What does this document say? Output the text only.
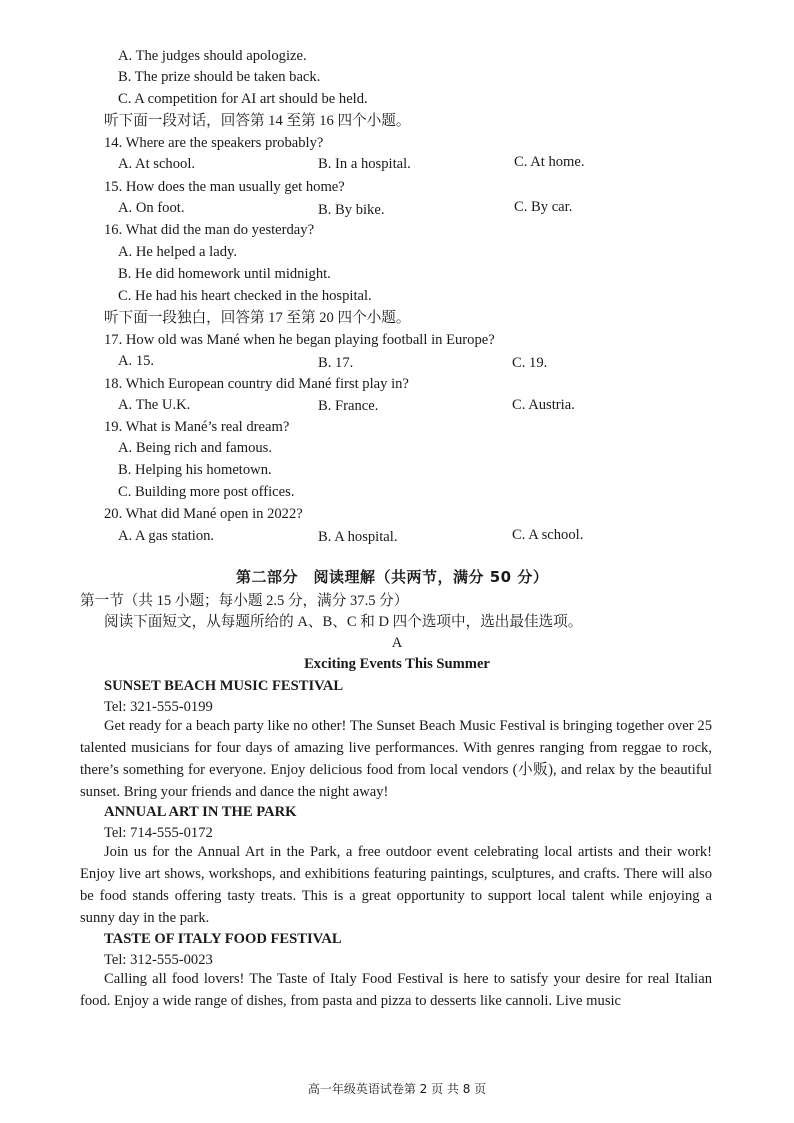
A. The judges should apologize.
B. The prize should be taken back.
C. A competition for AI art should be held.
听下面一段对话，回答第 14 至第 16 四个小题。
14. Where are the speakers probably?
A. At school.	B. In a hospital.	C. At home.
15. How does the man usually get home?
A. On foot.	B. By bike.	C. By car.
16. What did the man do yesterday?
A. He helped a lady.
B. He did homework until midnight.
C. He had his heart checked in the hospital.
听下面一段独白，回答第 17 至第 20 四个小题。
17. How old was Mané when he began playing football in Europe?
A. 15.	B. 17.	C. 19.
18. Which European country did Mané first play in?
A. The U.K.	B. France.	C. Austria.
19. What is Mané’s real dream?
A. Being rich and famous.
B. Helping his hometown.
C. Building more post offices.
20. What did Mané open in 2022?
A. A gas station.	B. A hospital.	C. A school.
第二部分　阅读理解（共两节，满分 50 分）
第一节（共 15 小题；每小题 2.5 分，满分 37.5 分）
阅读下面短文，从每题所给的 A、B、C 和 D 四个选项中，选出最佳选项。
A
Exciting Events This Summer
SUNSET BEACH MUSIC FESTIVAL
Tel: 321-555-0199
Get ready for a beach party like no other! The Sunset Beach Music Festival is bringing together over 25 talented musicians for four days of amazing live performances. With genres ranging from reggae to rock, there’s something for everyone. Enjoy delicious food from local vendors (小贩), and relax by the beautiful sunset. Bring your friends and dance the night away!
ANNUAL ART IN THE PARK
Tel: 714-555-0172
Join us for the Annual Art in the Park, a free outdoor event celebrating local artists and their work! Enjoy live art shows, workshops, and exhibitions featuring paintings, sculptures, and crafts. There will also be food stands offering tasty treats. This is a great opportunity to support local talent while enjoying a sunny day in the park.
TASTE OF ITALY FOOD FESTIVAL
Tel: 312-555-0023
Calling all food lovers! The Taste of Italy Food Festival is here to satisfy your desire for real Italian food. Enjoy a wide range of dishes, from pasta and pizza to desserts like cannoli. Live music
高一年级英语试卷第 2 页 共 8 页
